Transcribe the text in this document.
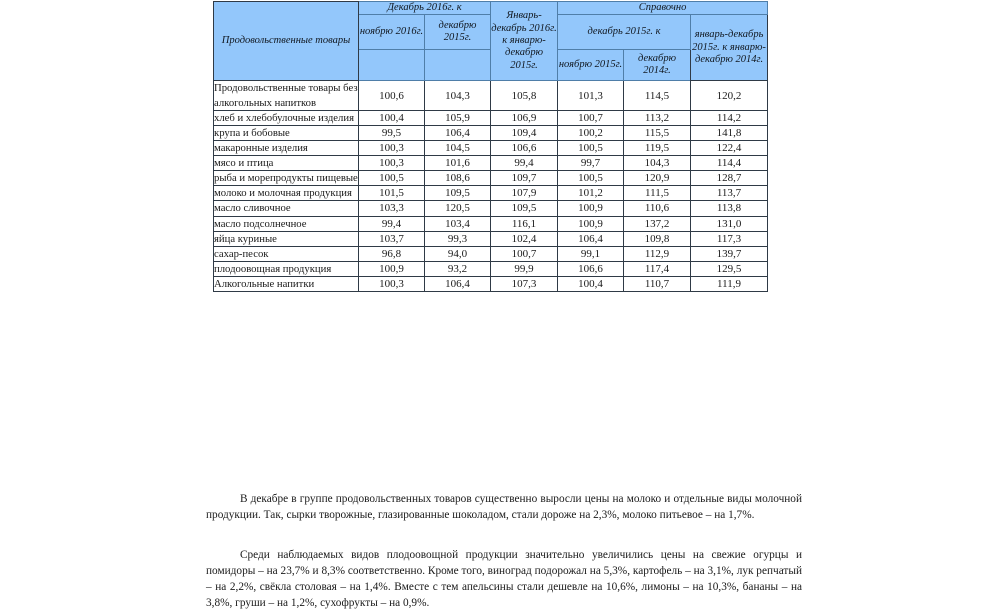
Продовольственные товары	Декабрь 2016г. к		Январь-декабрь 2016г. к январю-декабрю 2015г.	Справочно		
	ноябрю 2016г.	декабрю 2015г.		декабрь 2015г. к		январь-декабрь 2015г. к январю-декабрю 2014г.
				ноябрю 2015г.	декабрю 2014г.	
Продовольственные товары без алкогольных напитков	100,6	104,3	105,8	101,3	114,5	120,2
хлеб и хлебобулочные изделия	100,4	105,9	106,9	100,7	113,2	114,2
крупа и бобовые	99,5	106,4	109,4	100,2	115,5	141,8
макаронные изделия	100,3	104,5	106,6	100,5	119,5	122,4
мясо и птица	100,3	101,6	99,4	99,7	104,3	114,4
рыба и морепродукты пищевые	100,5	108,6	109,7	100,5	120,9	128,7
молоко и молочная продукция	101,5	109,5	107,9	101,2	111,5	113,7
масло сливочное	103,3	120,5	109,5	100,9	110,6	113,8
масло подсолнечное	99,4	103,4	116,1	100,9	137,2	131,0
яйца куриные	103,7	99,3	102,4	106,4	109,8	117,3
сахар-песок	96,8	94,0	100,7	99,1	112,9	139,7
плодоовощная продукция	100,9	93,2	99,9	106,6	117,4	129,5
Алкогольные напитки	100,3	106,4	107,3	100,4	110,7	111,9
В декабре в группе продовольственных товаров существенно выросли цены на молоко и отдельные виды молочной продукции. Так, сырки творожные, глазированные шоколадом, стали дороже на 2,3%, молоко питьевое – на 1,7%.
Среди наблюдаемых видов плодоовощной продукции значительно увеличились цены на свежие огурцы и помидоры – на 23,7% и 8,3% соответственно. Кроме того, виноград подорожал на 5,3%, картофель – на 3,1%, лук репчатый – на 2,2%, свёкла столовая – на 1,4%. Вместе с тем апельсины стали дешевле на 10,6%, лимоны – на 10,3%, бананы – на 3,8%, груши – на 1,2%, сухофрукты – на 0,9%.
